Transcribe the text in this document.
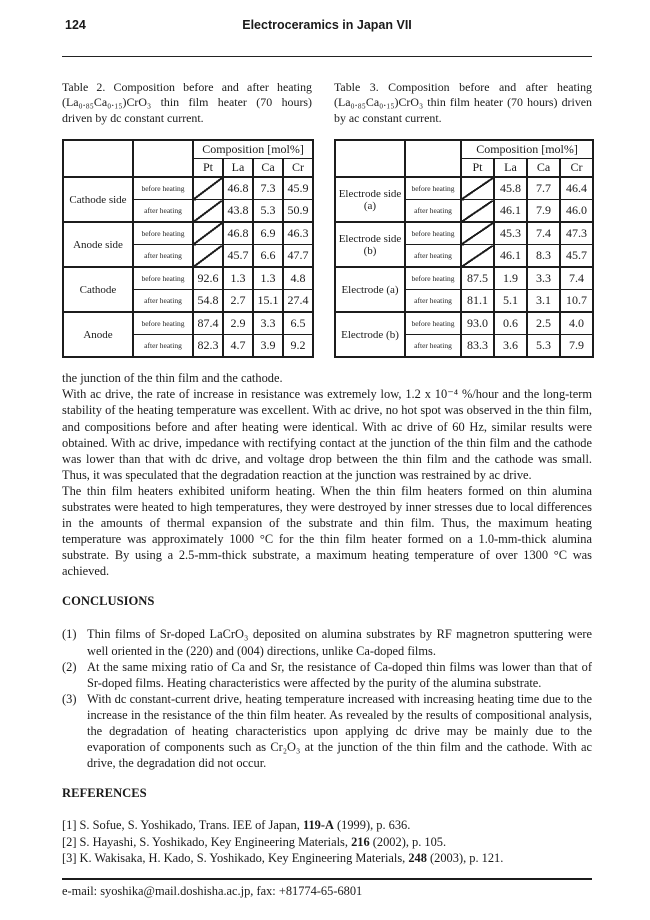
124	Electroceramics in Japan VII

Table 2. Composition before and after heating (La₀.₈₅Ca₀.₁₅)CrO₃ thin film heater (70 hours) driven by dc constant current.

		Composition [mol%]			
		Pt	La	Ca	Cr
Cathode side	before heating		46.8	7.3	45.9
	after heating		43.8	5.3	50.9
Anode side	before heating		46.8	6.9	46.3
	after heating		45.7	6.6	47.7
Cathode	before heating	92.6	1.3	1.3	4.8
	after heating	54.8	2.7	15.1	27.4
Anode	before heating	87.4	2.9	3.3	6.5
	after heating	82.3	4.7	3.9	9.2

Table 3. Composition before and after heating (La₀.₈₅Ca₀.₁₅)CrO₃ thin film heater (70 hours) driven by ac constant current.

		Composition [mol%]			
		Pt	La	Ca	Cr
Electrode side (a)	before heating		45.8	7.7	46.4
	after heating		46.1	7.9	46.0
Electrode side (b)	before heating		45.3	7.4	47.3
	after heating		46.1	8.3	45.7
Electrode (a)	before heating	87.5	1.9	3.3	7.4
	after heating	81.1	5.1	3.1	10.7
Electrode (b)	before heating	93.0	0.6	2.5	4.0
	after heating	83.3	3.6	5.3	7.9

the junction of the thin film and the cathode.

With ac drive, the rate of increase in resistance was extremely low, 1.2 x 10⁻⁴ %/hour and the long-term stability of the heating temperature was excellent. With ac drive, no hot spot was observed in the thin film, and compositions before and after heating were identical. With ac drive of 60 Hz, similar results were obtained. With ac drive, impedance with rectifying contact at the junction of the thin film and the cathode was lower than that with dc drive, and voltage drop between the thin film and the cathode was small. Thus, it was speculated that the degradation reaction at the junction was restrained by ac drive.

The thin film heaters exhibited uniform heating. When the thin film heaters formed on thin alumina substrates were heated to high temperatures, they were destroyed by inner stresses due to local differences in the amounts of thermal expansion of the substrate and thin film. Thus, the maximum heating temperature was approximately 1000 °C for the thin film heater formed on a 1.0-mm-thick alumina substrate. By using a 2.5-mm-thick substrate, a maximum heating temperature of over 1300 °C was achieved.

CONCLUSIONS
(1) Thin films of Sr-doped LaCrO₃ deposited on alumina substrates by RF magnetron sputtering were well oriented in the (220) and (004) directions, unlike Ca-doped films.
(2) At the same mixing ratio of Ca and Sr, the resistance of Ca-doped thin films was lower than that of Sr-doped films. Heating characteristics were affected by the purity of the alumina substrate.
(3) With dc constant-current drive, heating temperature increased with increasing heating time due to the increase in the resistance of the thin film heater. As revealed by the results of compositional analysis, the degradation of heating characteristics upon applying dc drive may be mainly due to the evaporation of components such as Cr₂O₃ at the junction of the thin film and the cathode. With ac drive, the degradation did not occur.
REFERENCES

[1] S. Sofue, S. Yoshikado, Trans. IEE of Japan, 119-A (1999), p. 636.

[2] S. Hayashi, S. Yoshikado, Key Engineering Materials, 216 (2002), p. 105.

[3] K. Wakisaka, H. Kado, S. Yoshikado, Key Engineering Materials, 248 (2003), p. 121.

e-mail: syoshika@mail.doshisha.ac.jp, fax: +81774-65-6801
